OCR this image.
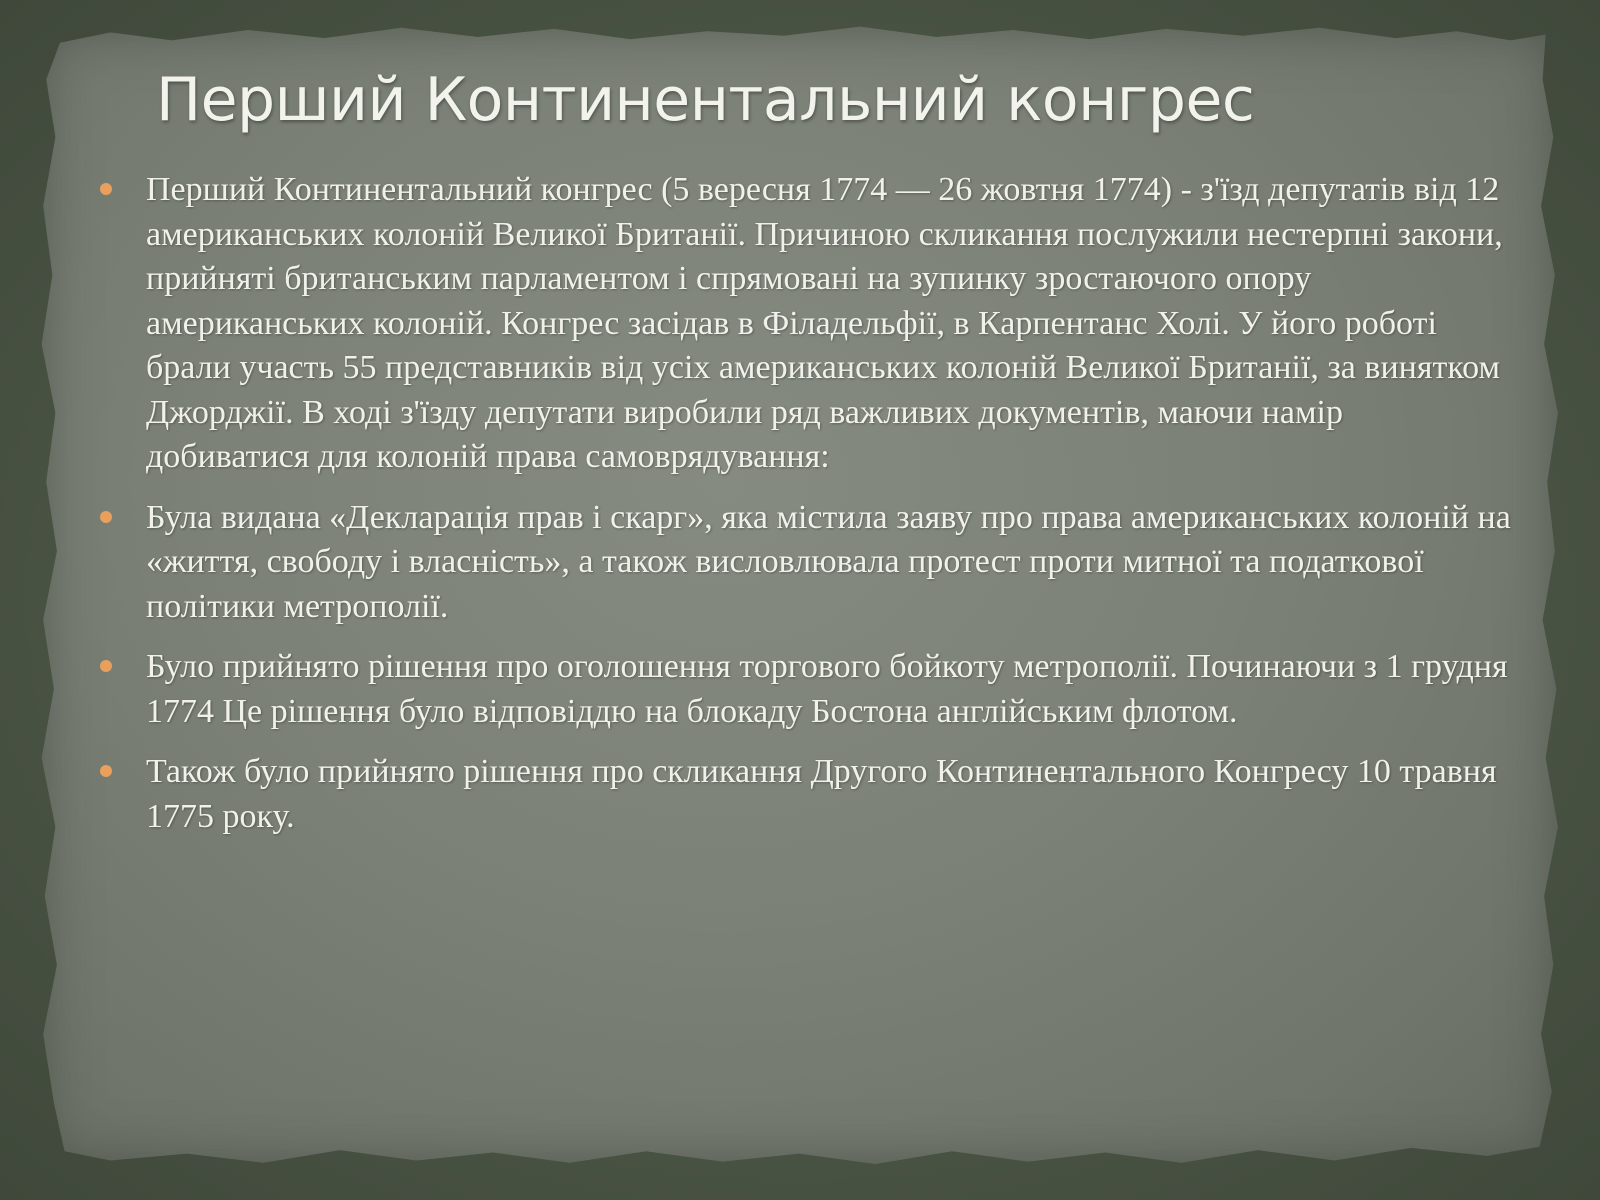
Перший Континентальний конгрес
Перший Континентальний конгрес (5 вересня 1774 — 26 жовтня 1774) - з'їзд депутатів від 12 американських колоній Великої Британії. Причиною скликання послужили нестерпні закони, прийняті британським парламентом і спрямовані на зупинку зростаючого опору американських колоній. Конгрес засідав в Філадельфії, в Карпентанс Холі. У його роботі брали участь 55 представників від усіх американських колоній Великої Британії, за винятком Джорджії. В ході з'їзду депутати виробили ряд важливих документів, маючи намір добиватися для колоній права самоврядування:
Була видана «Декларація прав і скарг», яка містила заяву про права американських колоній на «життя, свободу і власність», а також висловлювала протест проти митної та податкової політики метрополії.
Було прийнято рішення про оголошення торгового бойкоту метрополії. Починаючи з 1 грудня 1774 Це рішення було відповіддю на блокаду Бостона англійським флотом.
Також було прийнято рішення про скликання Другого Континентального Конгресу 10 травня 1775 року.
